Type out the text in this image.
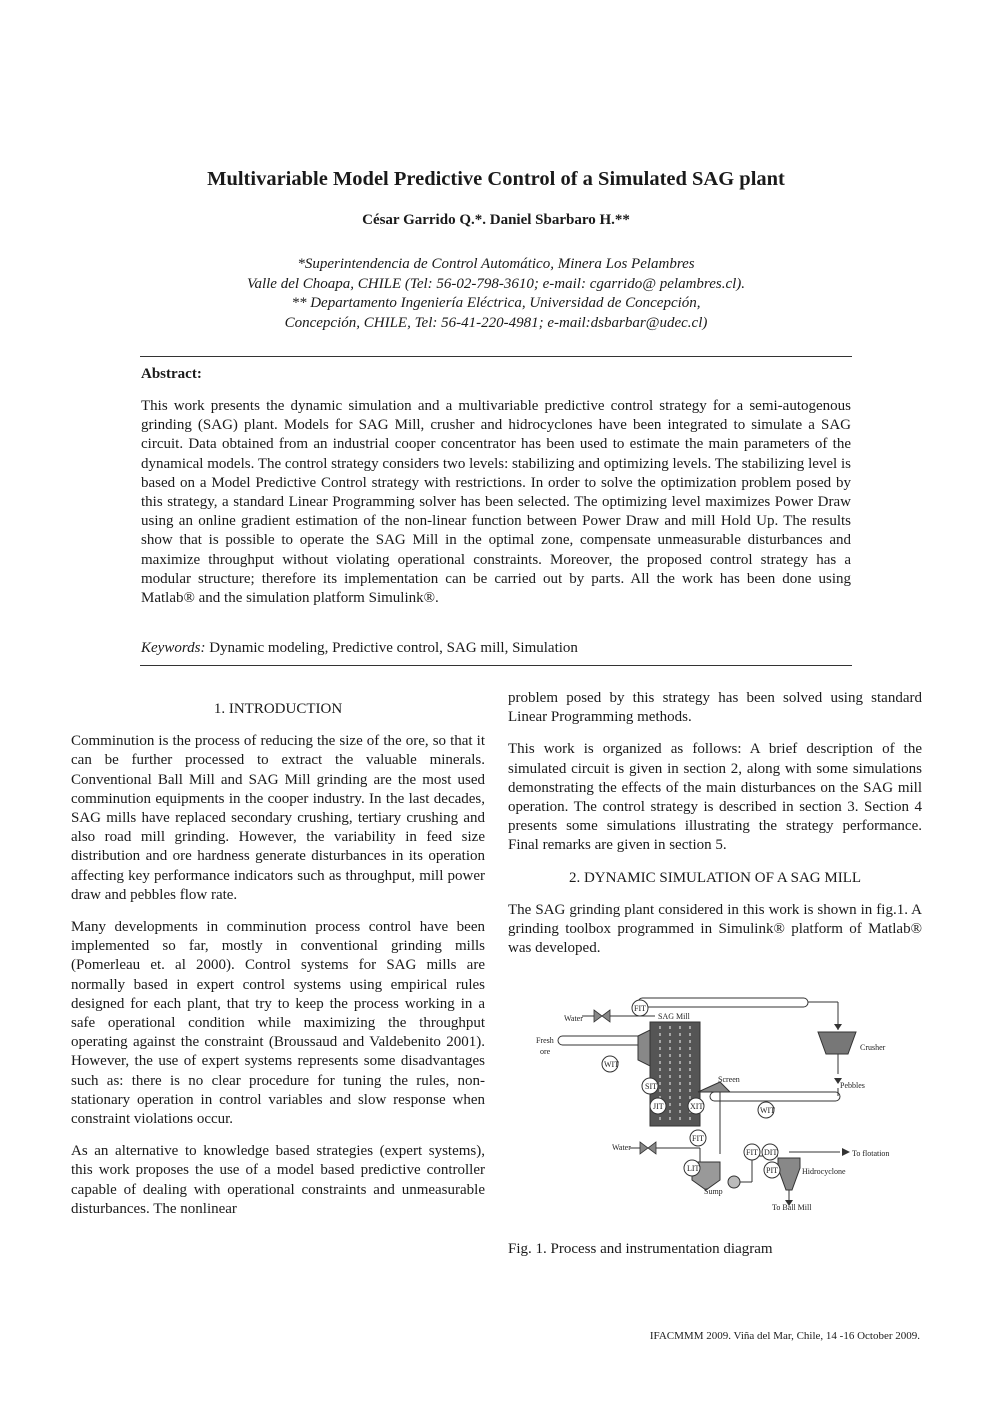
Multivariable Model Predictive Control of a Simulated SAG plant
César Garrido Q.*. Daniel Sbarbaro H.**
*Superintendencia de Control Automático, Minera Los Pelambres
Valle del Choapa, CHILE (Tel: 56-02-798-3610; e-mail: cgarrido@ pelambres.cl).
** Departamento Ingeniería Eléctrica, Universidad de Concepción,
Concepción, CHILE, Tel: 56-41-220-4981; e-mail:dsbarbar@udec.cl)
Abstract:
This work presents the dynamic simulation and a multivariable predictive control strategy for a semi-autogenous grinding (SAG) plant. Models for SAG Mill, crusher and hidrocyclones have been integrated to simulate a SAG circuit. Data obtained from an industrial cooper concentrator has been used to estimate the main parameters of the dynamical models. The control strategy considers two levels: stabilizing and optimizing levels. The stabilizing level is based on a Model Predictive Control strategy with restrictions. In order to solve the optimization problem posed by this strategy, a standard Linear Programming solver has been selected. The optimizing level maximizes Power Draw using an online gradient estimation of the non-linear function between Power Draw and mill Hold Up. The results show that is possible to operate the SAG Mill in the optimal zone, compensate unmeasurable disturbances and maximize throughput without violating operational constraints. Moreover, the proposed control strategy has a modular structure; therefore its implementation can be carried out by parts. All the work has been done using Matlab® and the simulation platform Simulink®.
Keywords: Dynamic modeling, Predictive control, SAG mill, Simulation
1. INTRODUCTION

Comminution is the process of reducing the size of the ore, so that it can be further processed to extract the valuable minerals. Conventional Ball Mill and SAG Mill grinding are the most used comminution equipments in the cooper industry. In the last decades, SAG mills have replaced secondary crushing, tertiary crushing and also road mill grinding. However, the variability in feed size distribution and ore hardness generate disturbances in its operation affecting key performance indicators such as throughput, mill power draw and pebbles flow rate.

Many developments in comminution process control have been implemented so far, mostly in conventional grinding mills (Pomerleau et. al 2000). Control systems for SAG mills are normally based in expert control systems using empirical rules designed for each plant, that try to keep the process working in a safe operational condition while maximizing the throughput operating against the constraint (Broussaud and Valdebenito 2001). However, the use of expert systems represents some disadvantages such as: there is no clear procedure for tuning the rules, non-stationary operation in control variables and slow response when constraint violations occur.

As an alternative to knowledge based strategies (expert systems), this work proposes the use of a model based predictive controller capable of dealing with operational constraints and unmeasurable disturbances. The nonlinear

problem posed by this strategy has been solved using standard Linear Programming methods.

This work is organized as follows: A brief description of the simulated circuit is given in section 2, along with some simulations demonstrating the effects of the main disturbances on the SAG mill operation. The control strategy is described in section 3. Section 4 presents some simulations illustrating the strategy performance. Final remarks are given in section 5.

2. DYNAMIC SIMULATION OF A SAG MILL

The SAG grinding plant considered in this work is shown in fig.1. A grinding toolbox programmed in Simulink® platform of Matlab® was developed.

FIT
WIT
SIT
JIT	XIT	WIT
FIT
LIT
FIT DIT
PIT
Water
Fresh
ore
SAG Mill
Crusher
Pebbles
Screen
Water
Sump
Hidrocyclone
To flotation
To Ball Mill
Fig. 1. Process and instrumentation diagram
IFACMMM 2009. Viña del Mar, Chile, 14 -16 October 2009.
